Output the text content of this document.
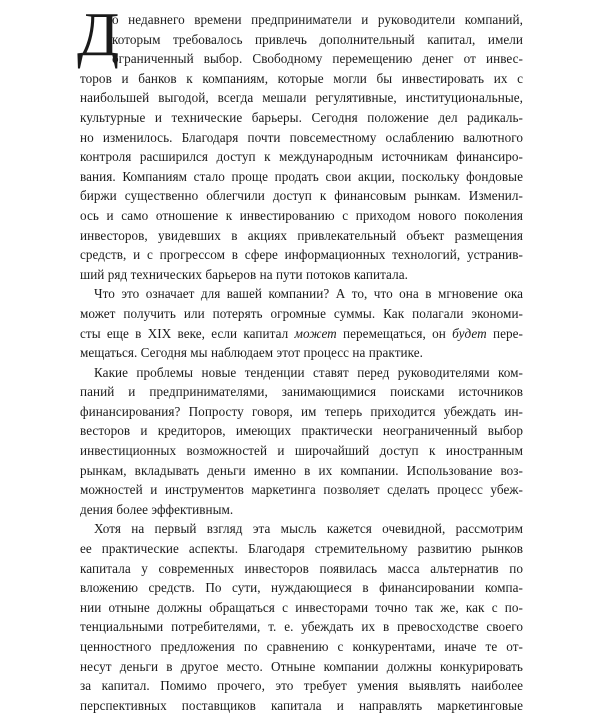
Д
о недавнего времени предприниматели и руководители компаний,
которым требовалось привлечь дополнительный капитал, имели
ограниченный выбор. Свободному перемещению денег от инвес-
торов и банков к компаниям, которые могли бы инвестировать их с
наибольшей выгодой, всегда мешали регулятивные, институциональные,
культурные и технические барьеры. Сегодня положение дел радикаль-
но изменилось. Благодаря почти повсеместному ослаблению валютного
контроля расширился доступ к международным источникам финансиро-
вания. Компаниям стало проще продать свои акции, поскольку фондовые
биржи существенно облегчили доступ к финансовым рынкам. Изменил-
ось и само отношение к инвестированию с приходом нового поколения
инвесторов, увидевших в акциях привлекательный объект размещения
средств, и с прогрессом в сфере информационных технологий, устранив-
ший ряд технических барьеров на пути потоков капитала.
Что это означает для вашей компании? А то, что она в мгновение ока
может получить или потерять огромные суммы. Как полагали экономи-
сты еще в XIX веке, если капитал может перемещаться, он будет пере-
мещаться. Сегодня мы наблюдаем этот процесс на практике.
Какие проблемы новые тенденции ставят перед руководителями ком-
паний и предпринимателями, занимающимися поисками источников
финансирования? Попросту говоря, им теперь приходится убеждать ин-
весторов и кредиторов, имеющих практически неограниченный выбор
инвестиционных возможностей и широчайший доступ к иностранным
рынкам, вкладывать деньги именно в их компании. Использование воз-
можностей и инструментов маркетинга позволяет сделать процесс убеж-
дения более эффективным.
Хотя на первый взгляд эта мысль кажется очевидной, рассмотрим
ее практические аспекты. Благодаря стремительному развитию рынков
капитала у современных инвесторов появилась масса альтернатив по
вложению средств. По сути, нуждающиеся в финансировании компа-
нии отныне должны обращаться с инвесторами точно так же, как с по-
тенциальными потребителями, т. е. убеждать их в превосходстве своего
ценностного предложения по сравнению с конкурентами, иначе те от-
несут деньги в другое место. Отныне компании должны конкурировать
за капитал. Помимо прочего, это требует умения выявлять наиболее
перспективных поставщиков капитала и направлять маркетинговые
